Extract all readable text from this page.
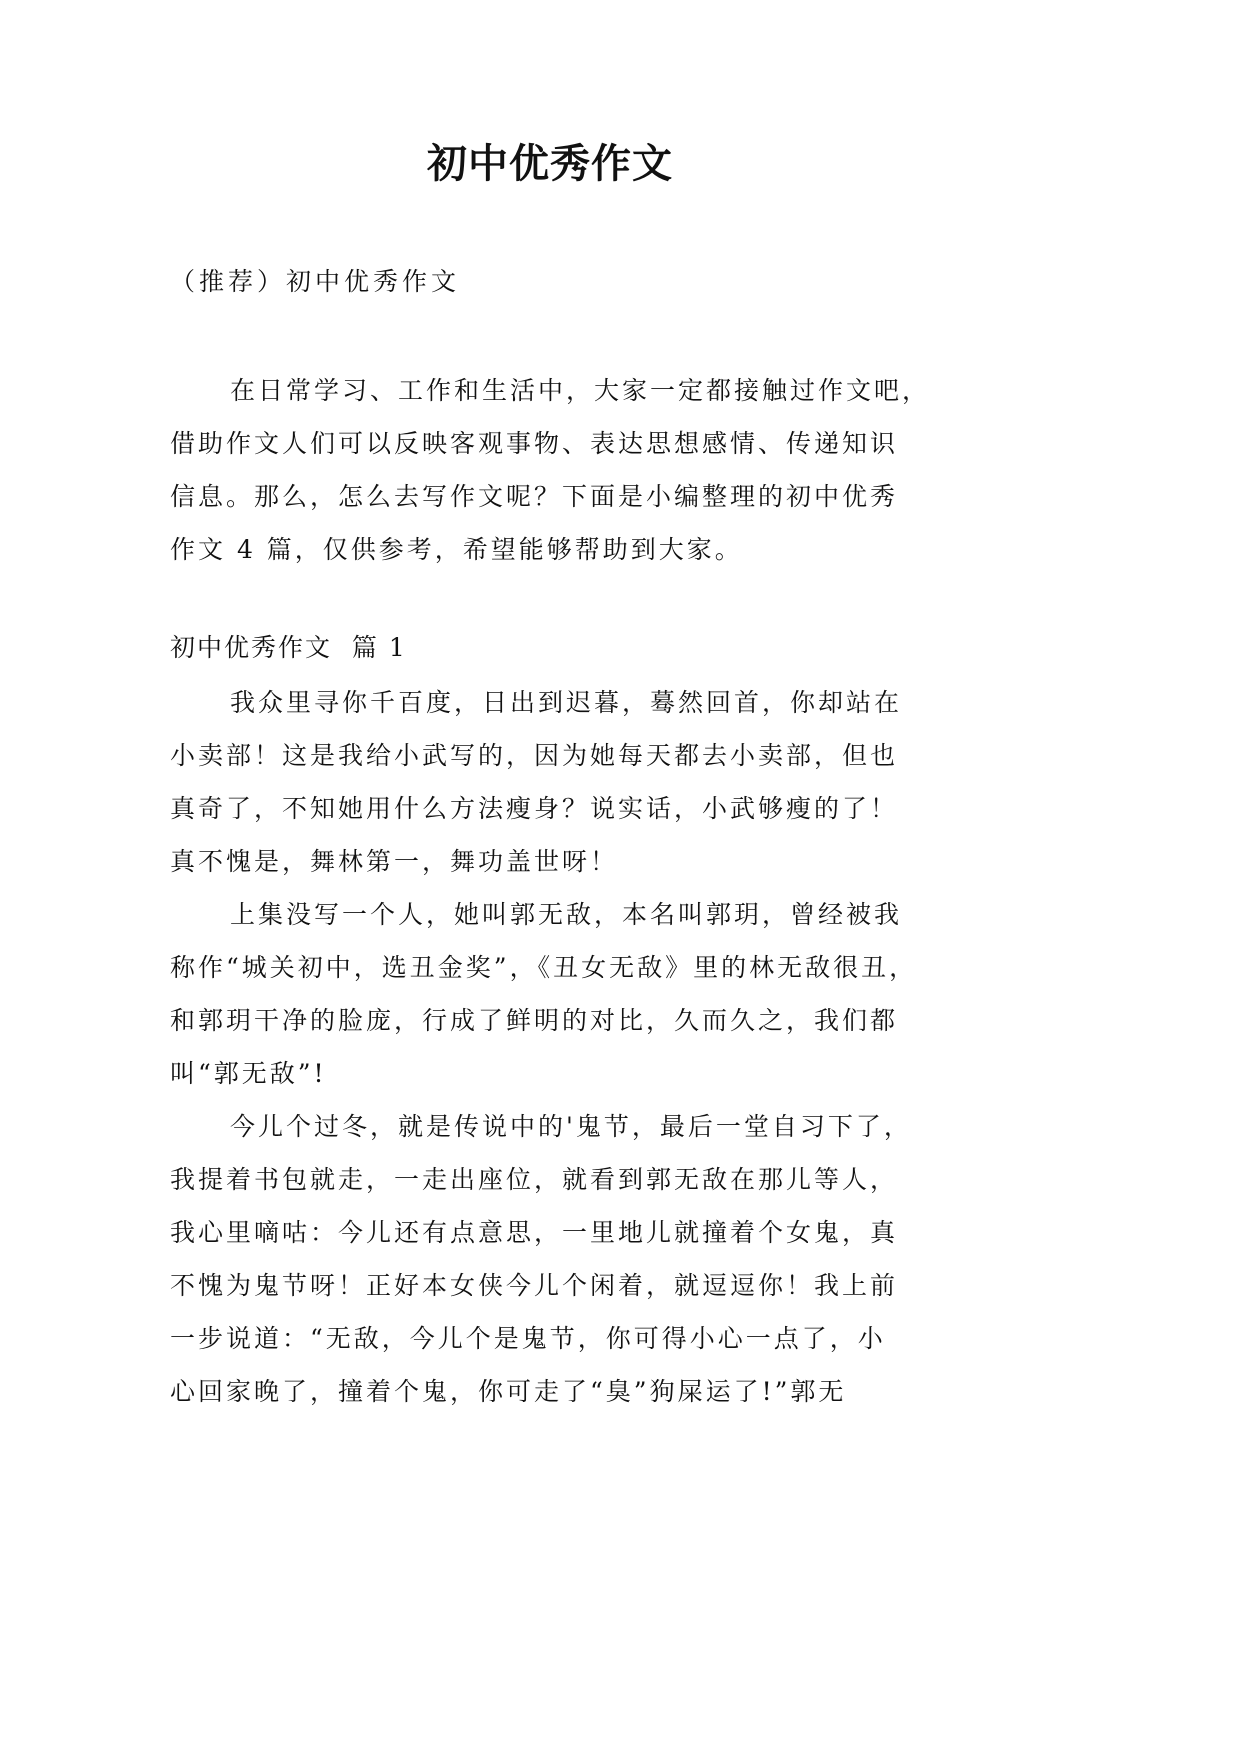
初中优秀作文
（推荐）初中优秀作文
在日常学习、工作和生活中，大家一定都接触过作文吧，
借助作文人们可以反映客观事物、表达思想感情、传递知识
信息。那么，怎么去写作文呢？下面是小编整理的初中优秀
作文 4 篇，仅供参考，希望能够帮助到大家。
初中优秀作文  篇 1
我众里寻你千百度，日出到迟暮，蓦然回首，你却站在
小卖部！这是我给小武写的，因为她每天都去小卖部，但也
真奇了，不知她用什么方法瘦身？说实话，小武够瘦的了！
真不愧是，舞林第一，舞功盖世呀！
上集没写一个人，她叫郭无敌，本名叫郭玥，曾经被我
称作“城关初中，选丑金奖”，《丑女无敌》里的林无敌很丑，
和郭玥干净的脸庞，行成了鲜明的对比，久而久之，我们都
叫“郭无敌”!
今儿个过冬，就是传说中的'鬼节，最后一堂自习下了，
我提着书包就走，一走出座位，就看到郭无敌在那儿等人，
我心里嘀咕：今儿还有点意思，一里地儿就撞着个女鬼，真
不愧为鬼节呀！正好本女侠今儿个闲着，就逗逗你！我上前
一步说道：“无敌，今儿个是鬼节，你可得小心一点了，小
心回家晚了，撞着个鬼，你可走了“臭”狗屎运了!”郭无
